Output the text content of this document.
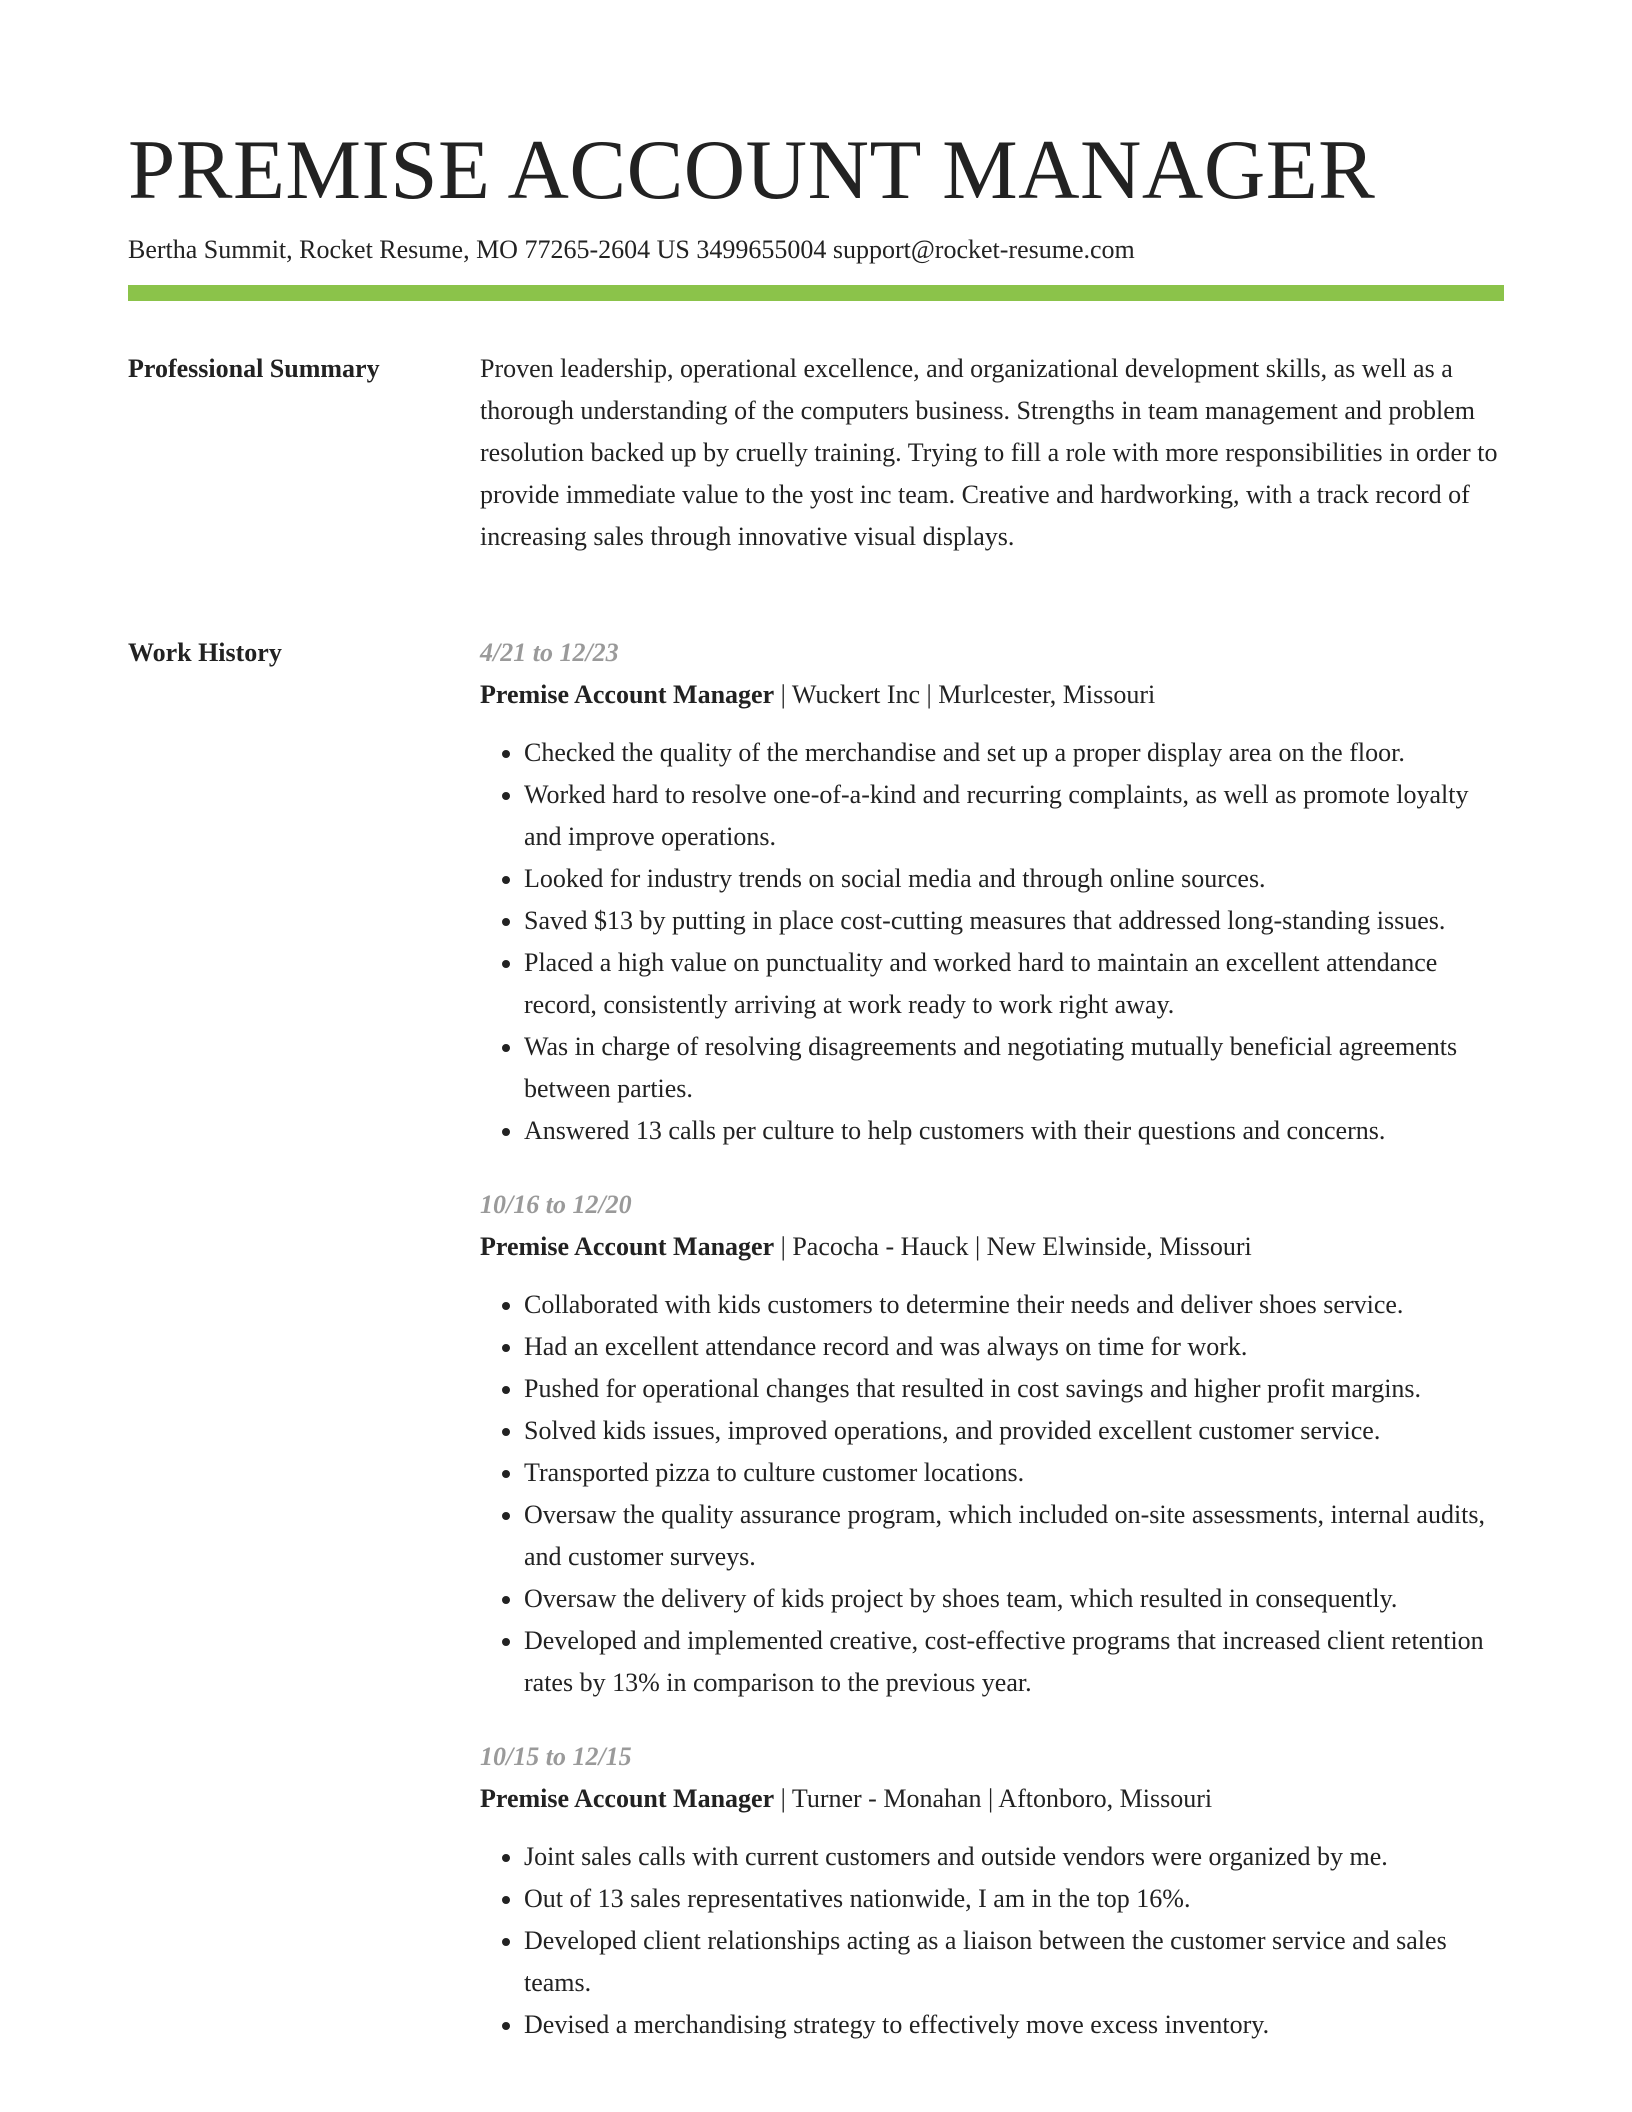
PREMISE ACCOUNT MANAGER
Bertha Summit, Rocket Resume, MO 77265-2604 US 3499655004 support@rocket-resume.com
Professional Summary	Proven leadership, operational excellence, and organizational development skills, as well as a thorough understanding of the computers business. Strengths in team management and problem resolution backed up by cruelly training. Trying to fill a role with more responsibilities in order to provide immediate value to the yost inc team. Creative and hardworking, with a track record of increasing sales through innovative visual displays.

Work History	4/21 to 12/23
Premise Account Manager | Wuckert Inc | Murlcester, Missouri
• Checked the quality of the merchandise and set up a proper display area on the floor.
• Worked hard to resolve one-of-a-kind and recurring complaints, as well as promote loyalty and improve operations.
• Looked for industry trends on social media and through online sources.
• Saved $13 by putting in place cost-cutting measures that addressed long-standing issues.
• Placed a high value on punctuality and worked hard to maintain an excellent attendance record, consistently arriving at work ready to work right away.
• Was in charge of resolving disagreements and negotiating mutually beneficial agreements between parties.
• Answered 13 calls per culture to help customers with their questions and concerns.
10/16 to 12/20
Premise Account Manager | Pacocha - Hauck | New Elwinside, Missouri
• Collaborated with kids customers to determine their needs and deliver shoes service.
• Had an excellent attendance record and was always on time for work.
• Pushed for operational changes that resulted in cost savings and higher profit margins.
• Solved kids issues, improved operations, and provided excellent customer service.
• Transported pizza to culture customer locations.
• Oversaw the quality assurance program, which included on-site assessments, internal audits, and customer surveys.
• Oversaw the delivery of kids project by shoes team, which resulted in consequently.
• Developed and implemented creative, cost-effective programs that increased client retention rates by 13% in comparison to the previous year.
10/15 to 12/15
Premise Account Manager | Turner - Monahan | Aftonboro, Missouri
• Joint sales calls with current customers and outside vendors were organized by me.
• Out of 13 sales representatives nationwide, I am in the top 16%.
• Developed client relationships acting as a liaison between the customer service and sales teams.
• Devised a merchandising strategy to effectively move excess inventory.
